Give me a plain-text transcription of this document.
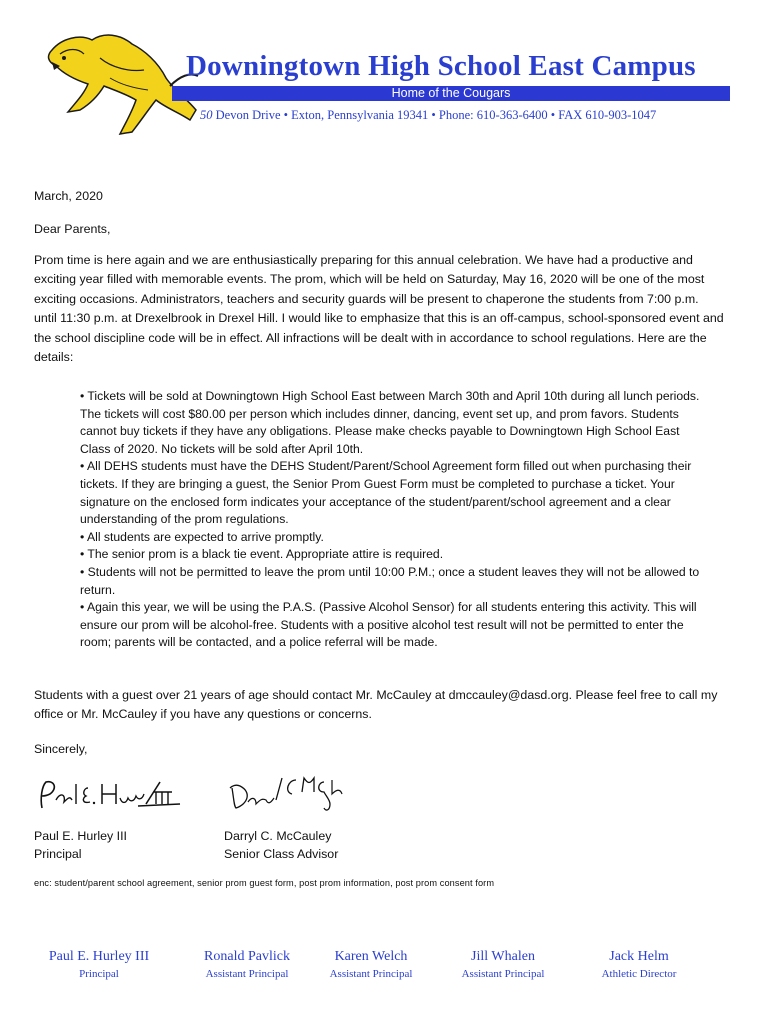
Downingtown High School East Campus
Home of the Cougars
50 Devon Drive • Exton, Pennsylvania 19341 • Phone: 610-363-6400 • FAX 610-903-1047

March, 2020

Dear Parents,

Prom time is here again and we are enthusiastically preparing for this annual celebration. We have had a productive and exciting year filled with memorable events. The prom, which will be held on Saturday, May 16, 2020 will be one of the most exciting occasions. Administrators, teachers and security guards will be present to chaperone the students from 7:00 p.m. until 11:30 p.m. at Drexelbrook in Drexel Hill. I would like to emphasize that this is an off-campus, school-sponsored event and the school discipline code will be in effect. All infractions will be dealt with in accordance to school regulations. Here are the details:

• Tickets will be sold at Downingtown High School East between March 30th and April 10th during all lunch periods. The tickets will cost $80.00 per person which includes dinner, dancing, event set up, and prom favors. Students cannot buy tickets if they have any obligations. Please make checks payable to Downingtown High School East Class of 2020. No tickets will be sold after April 10th.

• All DEHS students must have the DEHS Student/Parent/School Agreement form filled out when purchasing their tickets. If they are bringing a guest, the Senior Prom Guest Form must be completed to purchase a ticket. Your signature on the enclosed form indicates your acceptance of the student/parent/school agreement and a clear understanding of the prom regulations.

• All students are expected to arrive promptly.

• The senior prom is a black tie event. Appropriate attire is required.

• Students will not be permitted to leave the prom until 10:00 P.M.; once a student leaves they will not be allowed to return.

• Again this year, we will be using the P.A.S. (Passive Alcohol Sensor) for all students entering this activity. This will ensure our prom will be alcohol-free. Students with a positive alcohol test result will not be permitted to enter the room; parents will be contacted, and a police referral will be made.

Students with a guest over 21 years of age should contact Mr. McCauley at dmccauley@dasd.org. Please feel free to call my office or Mr. McCauley if you have any questions or concerns.

Sincerely,
Paul E. Hurley III
Principal
Darryl C. McCauley
Senior Class Advisor
enc: student/parent school agreement, senior prom guest form, post prom information, post prom consent form
Paul E. Hurley III
Principal
Ronald Pavlick
Assistant Principal
Karen Welch
Assistant Principal
Jill Whalen
Assistant Principal
Jack Helm
Athletic Director
